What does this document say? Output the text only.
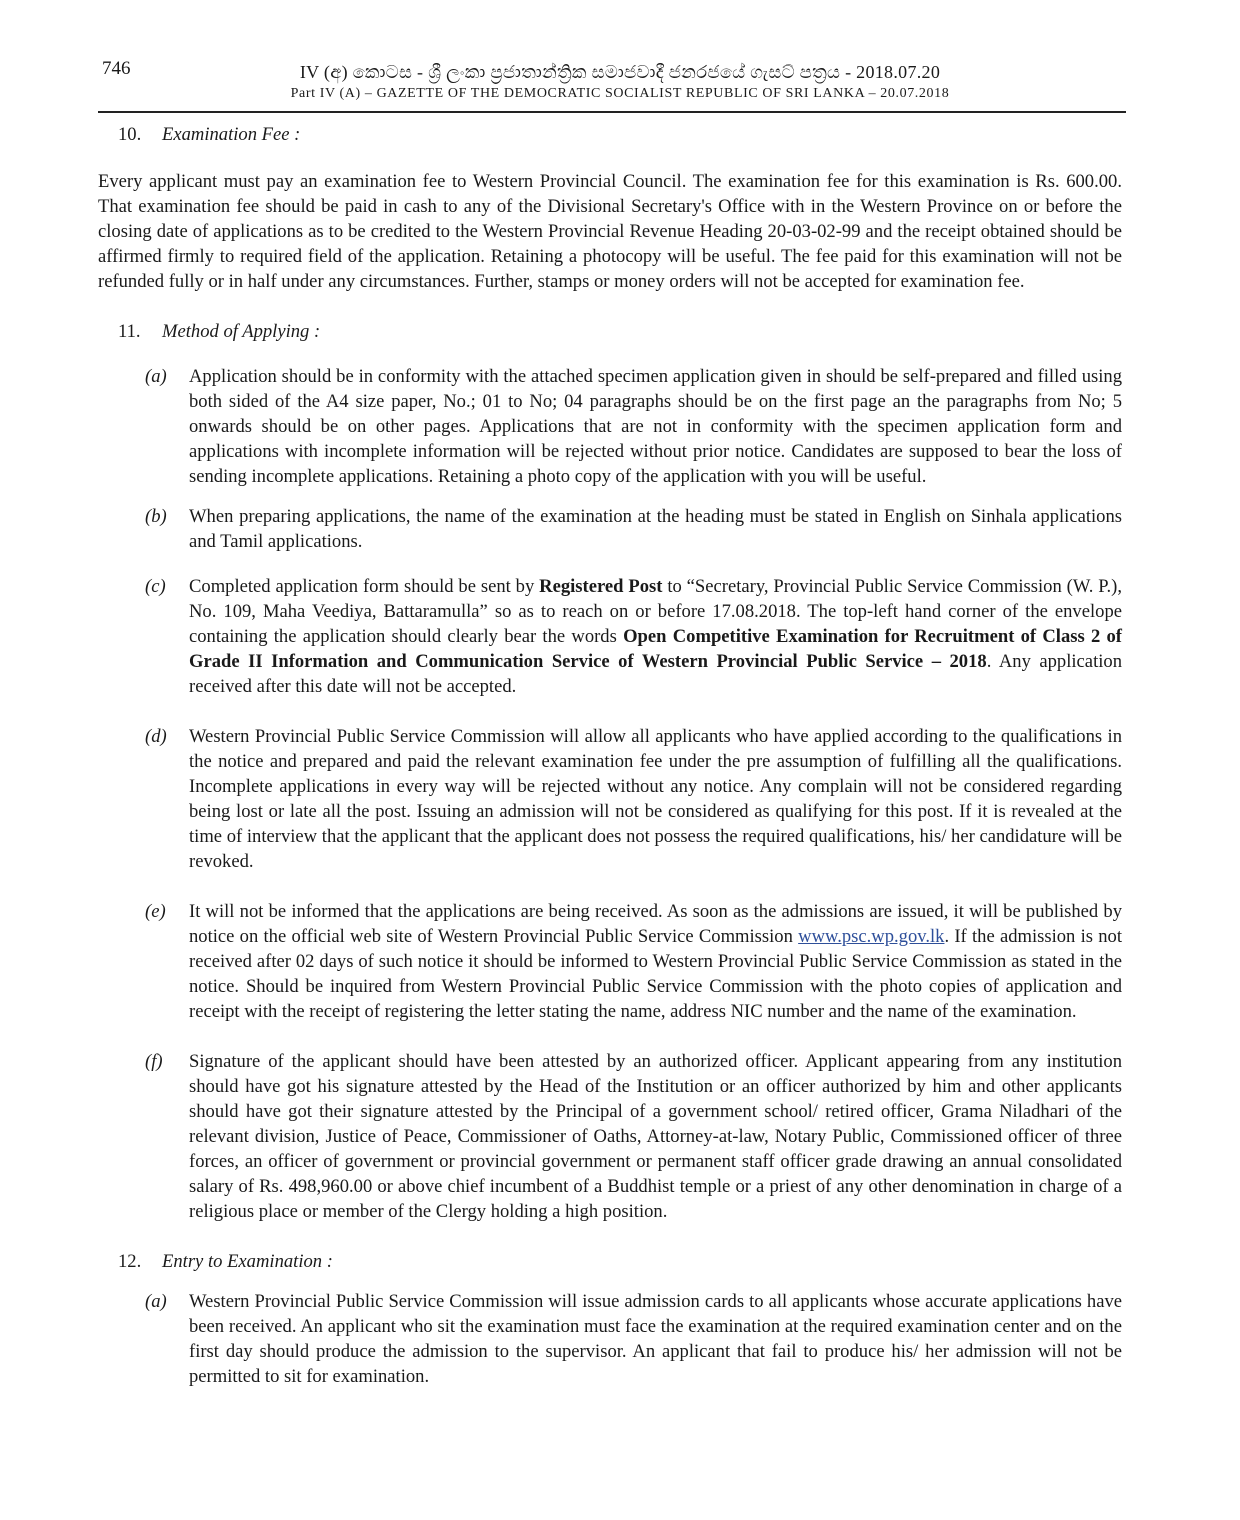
746	IV (අ) කොටස - ශ්‍රී ලංකා ප්‍රජාතාන්ත්‍රික සමාජවාදී ජනරජයේ ගැසට් පත්‍රය - 2018.07.20
Part IV (A) – GAZETTE OF THE DEMOCRATIC SOCIALIST REPUBLIC OF SRI LANKA – 20.07.2018
10. Examination Fee :

Every applicant must pay an examination fee to Western Provincial Council. The examination fee for this examination is Rs. 600.00. That examination fee should be paid in cash to any of the Divisional Secretary's Office with in the Western Province on or before the closing date of applications as to be credited to the Western Provincial Revenue Heading 20-03-02-99 and the receipt obtained should be affirmed firmly to required field of the application. Retaining a photocopy will be useful. The fee paid for this examination will not be refunded fully or in half under any circumstances. Further, stamps or money orders will not be accepted for examination fee.

11. Method of Applying :
(a)	Application should be in conformity with the attached specimen application given in should be self-prepared and filled using both sided of the A4 size paper, No.; 01 to No; 04 paragraphs should be on the first page an the paragraphs from No; 5 onwards should be on other pages. Applications that are not in conformity with the specimen application form and applications with incomplete information will be rejected without prior notice. Candidates are supposed to bear the loss of sending incomplete applications. Retaining a photo copy of the application with you will be useful.
(b)	When preparing applications, the name of the examination at the heading must be stated in English on Sinhala applications and Tamil applications.
(c)	Completed application form should be sent by Registered Post to “Secretary, Provincial Public Service Commission (W. P.), No. 109, Maha Veediya, Battaramulla” so as to reach on or before 17.08.2018. The top-left hand corner of the envelope containing the application should clearly bear the words Open Competitive Examination for Recruitment of Class 2 of Grade II Information and Communication Service of Western Provincial Public Service – 2018. Any application received after this date will not be accepted.
(d)	Western Provincial Public Service Commission will allow all applicants who have applied according to the qualifications in the notice and prepared and paid the relevant examination fee under the pre assumption of fulfilling all the qualifications. Incomplete applications in every way will be rejected without any notice. Any complain will not be considered regarding being lost or late all the post. Issuing an admission will not be considered as qualifying for this post. If it is revealed at the time of interview that the applicant that the applicant does not possess the required qualifications, his/ her candidature will be revoked.
(e)	It will not be informed that the applications are being received. As soon as the admissions are issued, it will be published by notice on the official web site of Western Provincial Public Service Commission www.psc.wp.gov.lk. If the admission is not received after 02 days of such notice it should be informed to Western Provincial Public Service Commission as stated in the notice. Should be inquired from Western Provincial Public Service Commission with the photo copies of application and receipt with the receipt of registering the letter stating the name, address NIC number and the name of the examination.
(f)	Signature of the applicant should have been attested by an authorized officer. Applicant appearing from any institution should have got his signature attested by the Head of the Institution or an officer authorized by him and other applicants should have got their signature attested by the Principal of a government school/ retired officer, Grama Niladhari of the relevant division, Justice of Peace, Commissioner of Oaths, Attorney-at-law, Notary Public, Commissioned officer of three forces, an officer of government or provincial government or permanent staff officer grade drawing an annual consolidated salary of Rs. 498,960.00 or above chief incumbent of a Buddhist temple or a priest of any other denomination in charge of a religious place or member of the Clergy holding a high position.
12. Entry to Examination :
(a)	Western Provincial Public Service Commission will issue admission cards to all applicants whose accurate applications have been received. An applicant who sit the examination must face the examination at the required examination center and on the first day should produce the admission to the supervisor. An applicant that fail to produce his/ her admission will not be permitted to sit for examination.
